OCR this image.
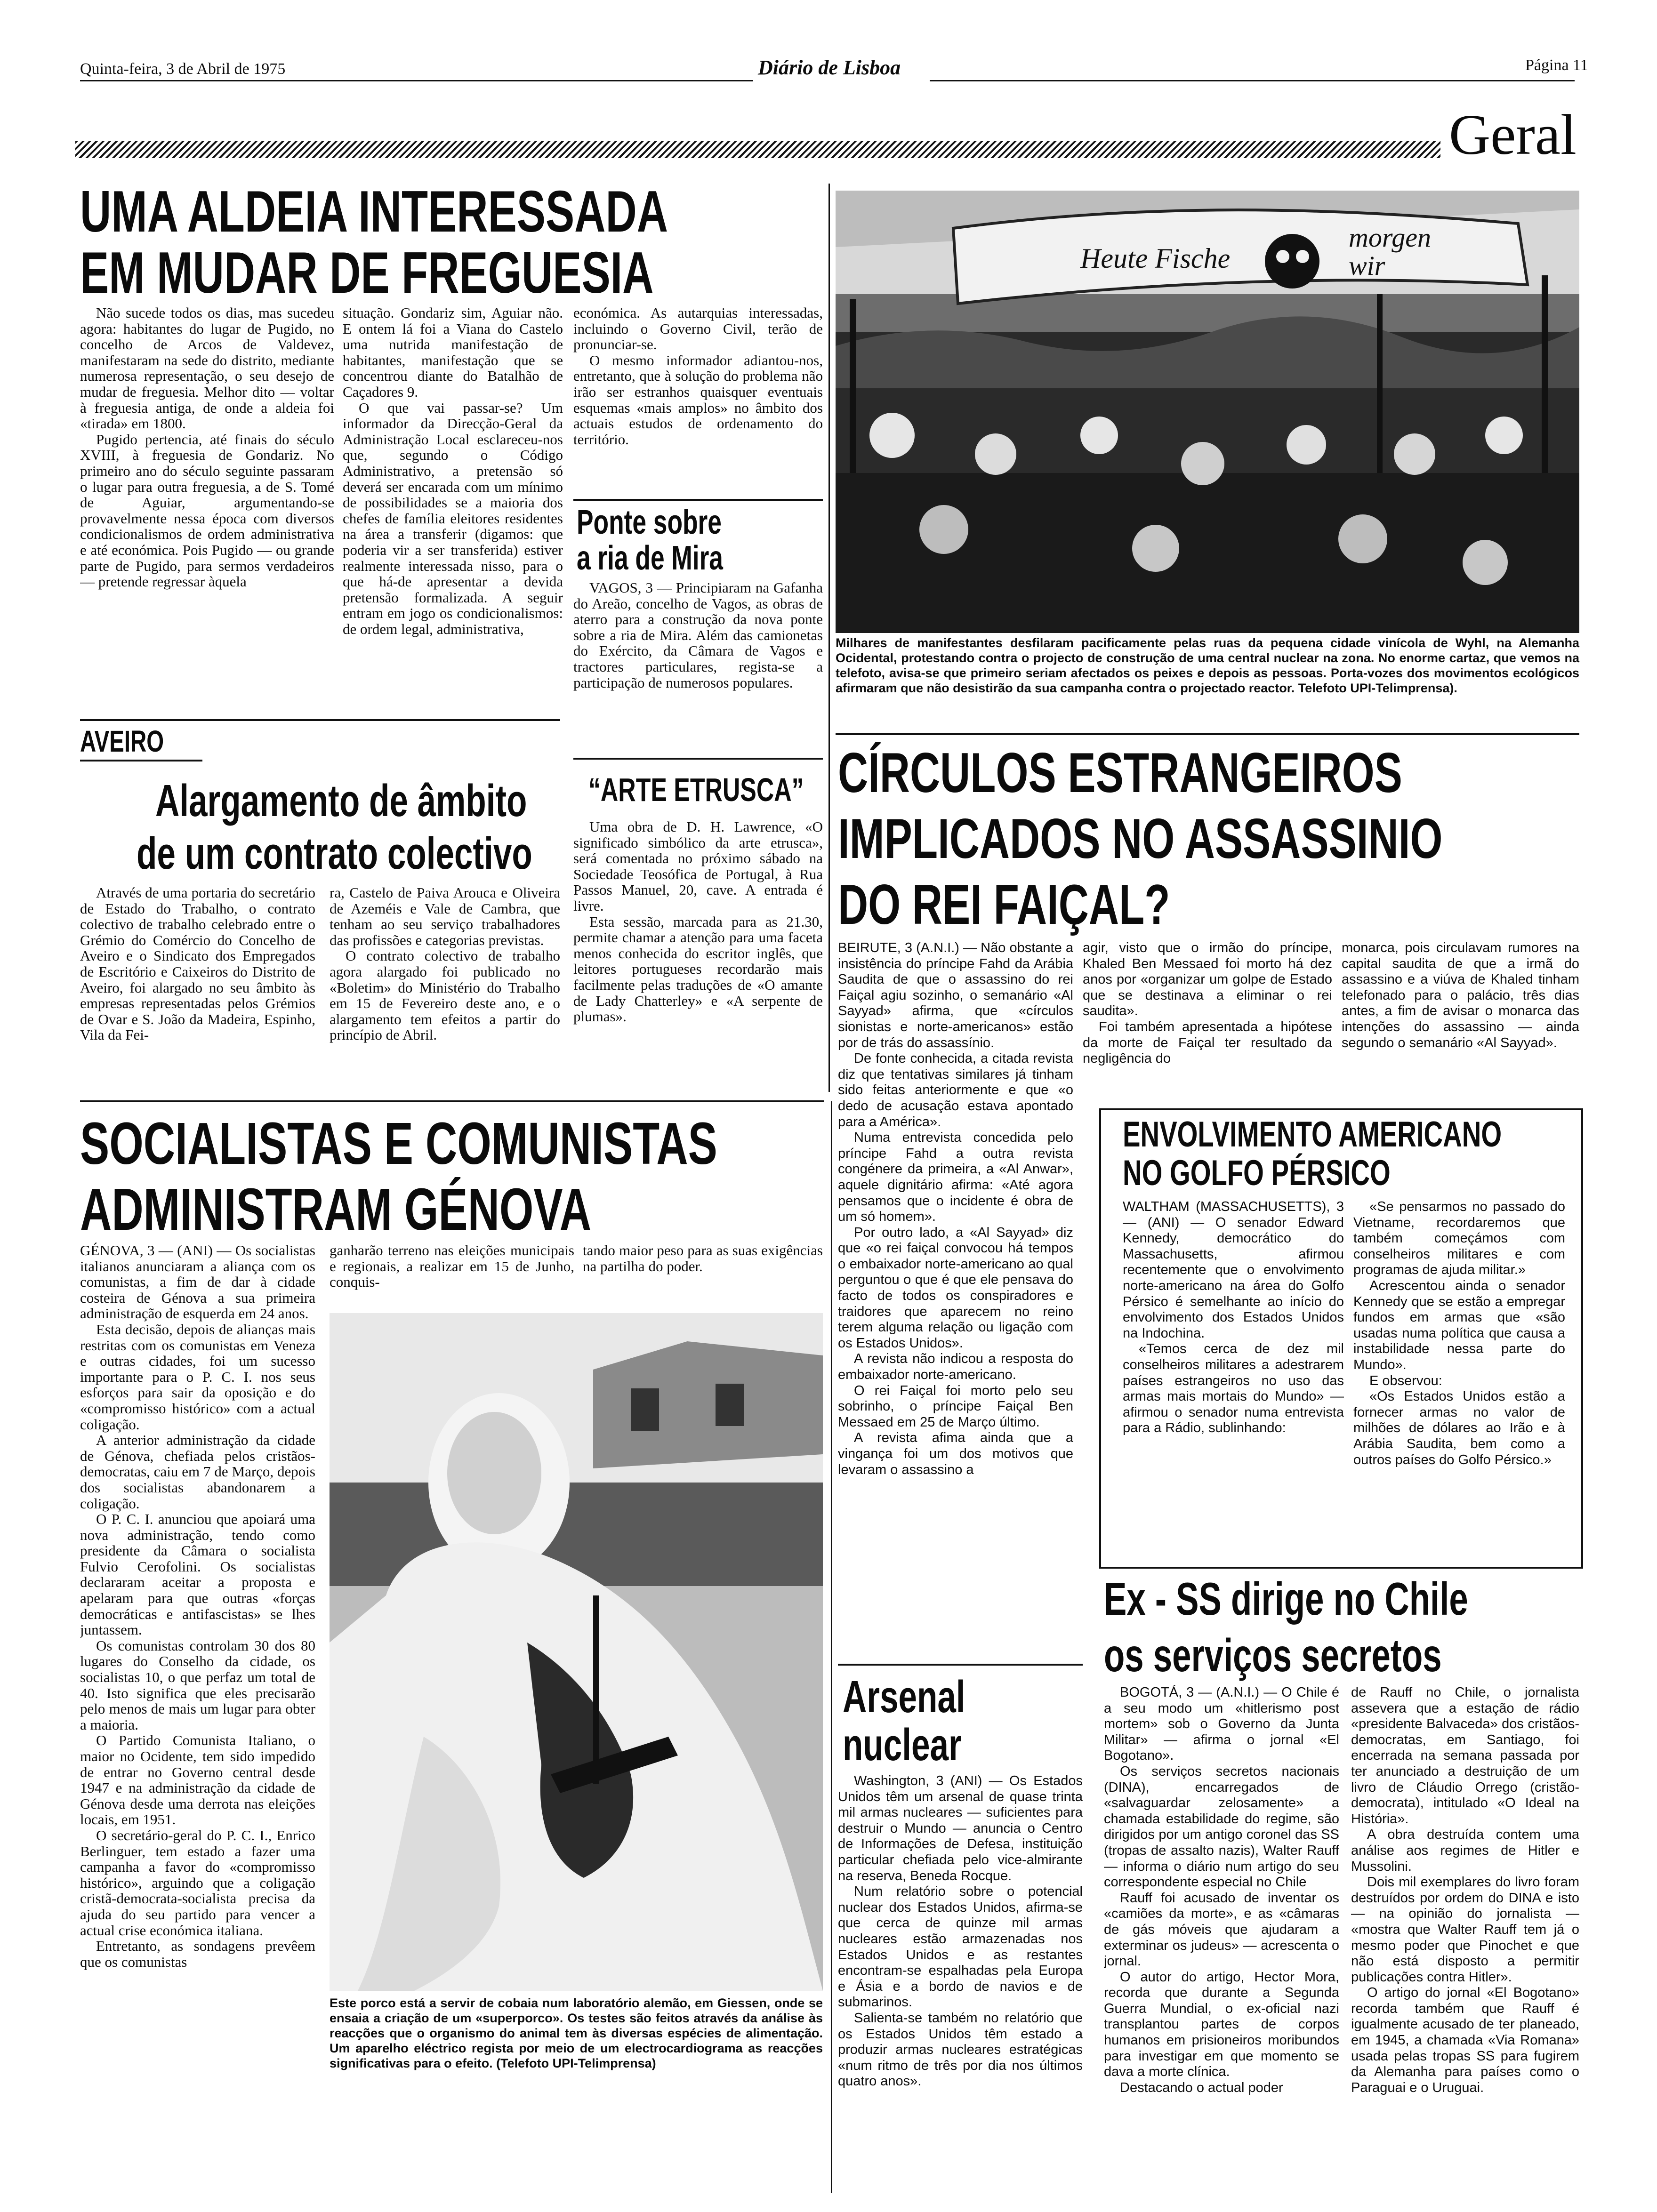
Quinta-feira, 3 de Abril de 1975	Diário de Lisboa	Página 11
Geral
UMA ALDEIA INTERESSADA
EM MUDAR DE FREGUESIA

Não sucede todos os dias, mas sucedeu agora: habitantes do lugar de Pugido, no concelho de Arcos de Valdevez, manifestaram na sede do distrito, mediante numerosa representação, o seu desejo de mudar de freguesia. Melhor dito — voltar à freguesia antiga, de onde a aldeia foi «tirada» em 1800.

Pugido pertencia, até finais do século XVIII, à freguesia de Gondariz. No primeiro ano do século seguinte passaram o lugar para outra freguesia, a de S. Tomé de Aguiar, argumentando-se provavelmente nessa época com diversos condicionalismos de ordem administrativa e até económica. Pois Pugido — ou grande parte de Pugido, para sermos verdadeiros — pretende regressar àquela

situação. Gondariz sim, Aguiar não. E ontem lá foi a Viana do Castelo uma nutrida manifestação de habitantes, manifestação que se concentrou diante do Batalhão de Caçadores 9.

O que vai passar-se? Um informador da Direcção-Geral da Administração Local esclareceu-nos que, segundo o Código Administrativo, a pretensão só deverá ser encarada com um mínimo de possibilidades se a maioria dos chefes de família eleitores residentes na área a transferir (digamos: que poderia vir a ser transferida) estiver realmente interessada nisso, para o que há-de apresentar a devida pretensão formalizada. A seguir entram em jogo os condicionalismos: de ordem legal, administrativa,

económica. As autarquias interessadas, incluindo o Governo Civil, terão de pronunciar-se.

O mesmo informador adiantou-nos, entretanto, que à solução do problema não irão ser estranhos quaisquer eventuais esquemas «mais amplos» no âmbito dos actuais estudos de ordenamento do território.

Ponte sobre
a ria de Mira

VAGOS, 3 — Principiaram na Gafanha do Areão, concelho de Vagos, as obras de aterro para a construção da nova ponte sobre a ria de Mira. Além das camionetas do Exército, da Câmara de Vagos e tractores particulares, regista-se a participação de numerosos populares.

AVEIRO
Alargamento de âmbito
de um contrato colectivo

Através de uma portaria do secretário de Estado do Trabalho, o contrato colectivo de trabalho celebrado entre o Grémio do Comércio do Concelho de Aveiro e o Sindicato dos Empregados de Escritório e Caixeiros do Distrito de Aveiro, foi alargado no seu âmbito às empresas representadas pelos Grémios de Ovar e S. João da Madeira, Espinho, Vila da Fei-

ra, Castelo de Paiva Arouca e Oliveira de Azeméis e Vale de Cambra, que tenham ao seu serviço trabalhadores das profissões e categorias previstas.

O contrato colectivo de trabalho agora alargado foi publicado no «Boletim» do Ministério do Trabalho em 15 de Fevereiro deste ano, e o alargamento tem efeitos a partir do princípio de Abril.

“ARTE ETRUSCA”

Uma obra de D. H. Lawrence, «O significado simbólico da arte etrusca», será comentada no próximo sábado na Sociedade Teosófica de Portugal, à Rua Passos Manuel, 20, cave. A entrada é livre.

Esta sessão, marcada para as 21.30, permite chamar a atenção para uma faceta menos conhecida do escritor inglês, que leitores portugueses recordarão mais facilmente pelas traduções de «O amante de Lady Chatterley» e «A serpente de plumas».

Heute Fische
morgen wir
Milhares de manifestantes desfilaram pacificamente pelas ruas da pequena cidade vinícola de Wyhl, na Alemanha Ocidental, protestando contra o projecto de construção de uma central nuclear na zona. No enorme cartaz, que vemos na telefoto, avisa-se que primeiro seriam afectados os peixes e depois as pessoas. Porta-vozes dos movimentos ecológicos afirmaram que não desistirão da sua campanha contra o projectado reactor. Telefoto UPI-Telimprensa).
CÍRCULOS ESTRANGEIROS
IMPLICADOS NO ASSASSINIO
DO REI FAIÇAL?

BEIRUTE, 3 (A.N.I.) — Não obstante a insistência do príncipe Fahd da Arábia Saudita de que o assassino do rei Faiçal agiu sozinho, o semanário «Al Sayyad» afirma, que «círculos sionistas e norte-americanos» estão por de trás do assassínio.

De fonte conhecida, a citada revista diz que tentativas similares já tinham sido feitas anteriormente e que «o dedo de acusação estava apontado para a América».

Numa entrevista concedida pelo príncipe Fahd a outra revista congénere da primeira, a «Al Anwar», aquele dignitário afirma: «Até agora pensamos que o incidente é obra de um só homem».

Por outro lado, a «Al Sayyad» diz que «o rei faiçal convocou há tempos o embaixador norte-americano ao qual perguntou o que é que ele pensava do facto de todos os conspiradores e traidores que aparecem no reino terem alguma relação ou ligação com os Estados Unidos».

A revista não indicou a resposta do embaixador norte-americano.

O rei Faiçal foi morto pelo seu sobrinho, o príncipe Faiçal Ben Messaed em 25 de Março último.

A revista afima ainda que a vingança foi um dos motivos que levaram o assassino a

agir, visto que o irmão do príncipe, Khaled Ben Messaed foi morto há dez anos por «organizar um golpe de Estado que se destinava a eliminar o rei saudita».

Foi também apresentada a hipótese da morte de Faiçal ter resultado da negligência do

monarca, pois circulavam rumores na capital saudita de que a irmã do assassino e a viúva de Khaled tinham telefonado para o palácio, três dias antes, a fim de avisar o monarca das intenções do assassino — ainda segundo o semanário «Al Sayyad».

ENVOLVIMENTO AMERICANO
NO GOLFO PÉRSICO

WALTHAM (MASSACHUSETTS), 3 — (ANI) — O senador Edward Kennedy, democrático do Massachusetts, afirmou recentemente que o envolvimento norte-americano na área do Golfo Pérsico é semelhante ao início do envolvimento dos Estados Unidos na Indochina.

«Temos cerca de dez mil conselheiros militares a adestrarem países estrangeiros no uso das armas mais mortais do Mundo» — afirmou o senador numa entrevista para a Rádio, sublinhando:

«Se pensarmos no passado do Vietname, recordaremos que também começámos com conselheiros militares e com programas de ajuda militar.»

Acrescentou ainda o senador Kennedy que se estão a empregar fundos em armas que «são usadas numa política que causa a instabilidade nessa parte do Mundo».

E observou:

«Os Estados Unidos estão a fornecer armas no valor de milhões de dólares ao Irão e à Arábia Saudita, bem como a outros países do Golfo Pérsico.»

SOCIALISTAS E COMUNISTAS
ADMINISTRAM GÉNOVA

GÉNOVA, 3 — (ANI) — Os socialistas italianos anunciaram a aliança com os comunistas, a fim de dar à cidade costeira de Génova a sua primeira administração de esquerda em 24 anos.

Esta decisão, depois de alianças mais restritas com os comunistas em Veneza e outras cidades, foi um sucesso importante para o P. C. I. nos seus esforços para sair da oposição e do «compromisso histórico» com a actual coligação.

A anterior administração da cidade de Génova, chefiada pelos cristãos-democratas, caiu em 7 de Março, depois dos socialistas abandonarem a coligação.

O P. C. I. anunciou que apoiará uma nova administração, tendo como presidente da Câmara o socialista Fulvio Cerofolini. Os socialistas declararam aceitar a proposta e apelaram para que outras «forças democráticas e antifascistas» se lhes juntassem.

Os comunistas controlam 30 dos 80 lugares do Conselho da cidade, os socialistas 10, o que perfaz um total de 40. Isto significa que eles precisarão pelo menos de mais um lugar para obter a maioria.

O Partido Comunista Italiano, o maior no Ocidente, tem sido impedido de entrar no Governo central desde 1947 e na administração da cidade de Génova desde uma derrota nas eleições locais, em 1951.

O secretário-geral do P. C. I., Enrico Berlinguer, tem estado a fazer uma campanha a favor do «compromisso histórico», arguindo que a coligação cristã-democrata-socialista precisa da ajuda do seu partido para vencer a actual crise económica italiana.

Entretanto, as sondagens prevêem que os comunistas

ganharão terreno nas eleições municipais e regionais, a realizar em 15 de Junho, conquis-

tando maior peso para as suas exigências na partilha do poder.

Este porco está a servir de cobaia num laboratório alemão, em Giessen, onde se ensaia a criação de um «superporco». Os testes são feitos através da análise às reacções que o organismo do animal tem às diversas espécies de alimentação. Um aparelho eléctrico regista por meio de um electrocardiograma as reacções significativas para o efeito. (Telefoto UPI-Telimprensa)
Arsenal
nuclear

Washington, 3 (ANI) — Os Estados Unidos têm um arsenal de quase trinta mil armas nucleares — suficientes para destruir o Mundo — anuncia o Centro de Informações de Defesa, instituição particular chefiada pelo vice-almirante na reserva, Beneda Rocque.

Num relatório sobre o potencial nuclear dos Estados Unidos, afirma-se que cerca de quinze mil armas nucleares estão armazenadas nos Estados Unidos e as restantes encontram-se espalhadas pela Europa e Ásia e a bordo de navios e de submarinos.

Salienta-se também no relatório que os Estados Unidos têm estado a produzir armas nucleares estratégicas «num ritmo de três por dia nos últimos quatro anos».

Ex - SS dirige no Chile
os serviços secretos

BOGOTÁ, 3 — (A.N.I.) — O Chile é a seu modo um «hitlerismo post mortem» sob o Governo da Junta Militar» — afirma o jornal «El Bogotano».

Os serviços secretos nacionais (DINA), encarregados de «salvaguardar zelosamente» a chamada estabilidade do regime, são dirigidos por um antigo coronel das SS (tropas de assalto nazis), Walter Rauff — informa o diário num artigo do seu correspondente especial no Chile

Rauff foi acusado de inventar os «camiões da morte», e as «câmaras de gás móveis que ajudaram a exterminar os judeus» — acrescenta o jornal.

O autor do artigo, Hector Mora, recorda que durante a Segunda Guerra Mundial, o ex-oficial nazi transplantou partes de corpos humanos em prisioneiros moribundos para investigar em que momento se dava a morte clínica.

Destacando o actual poder

de Rauff no Chile, o jornalista assevera que a estação de rádio «presidente Balvaceda» dos cristãos-democratas, em Santiago, foi encerrada na semana passada por ter anunciado a destruição de um livro de Cláudio Orrego (cristão-democrata), intitulado «O Ideal na História».

A obra destruída contem uma análise aos regimes de Hitler e Mussolini.

Dois mil exemplares do livro foram destruídos por ordem do DINA e isto — na opinião do jornalista — «mostra que Walter Rauff tem já o mesmo poder que Pinochet e que não está disposto a permitir publicações contra Hitler».

O artigo do jornal «El Bogotano» recorda também que Rauff é igualmente acusado de ter planeado, em 1945, a chamada «Via Romana» usada pelas tropas SS para fugirem da Alemanha para países como o Paraguai e o Uruguai.
